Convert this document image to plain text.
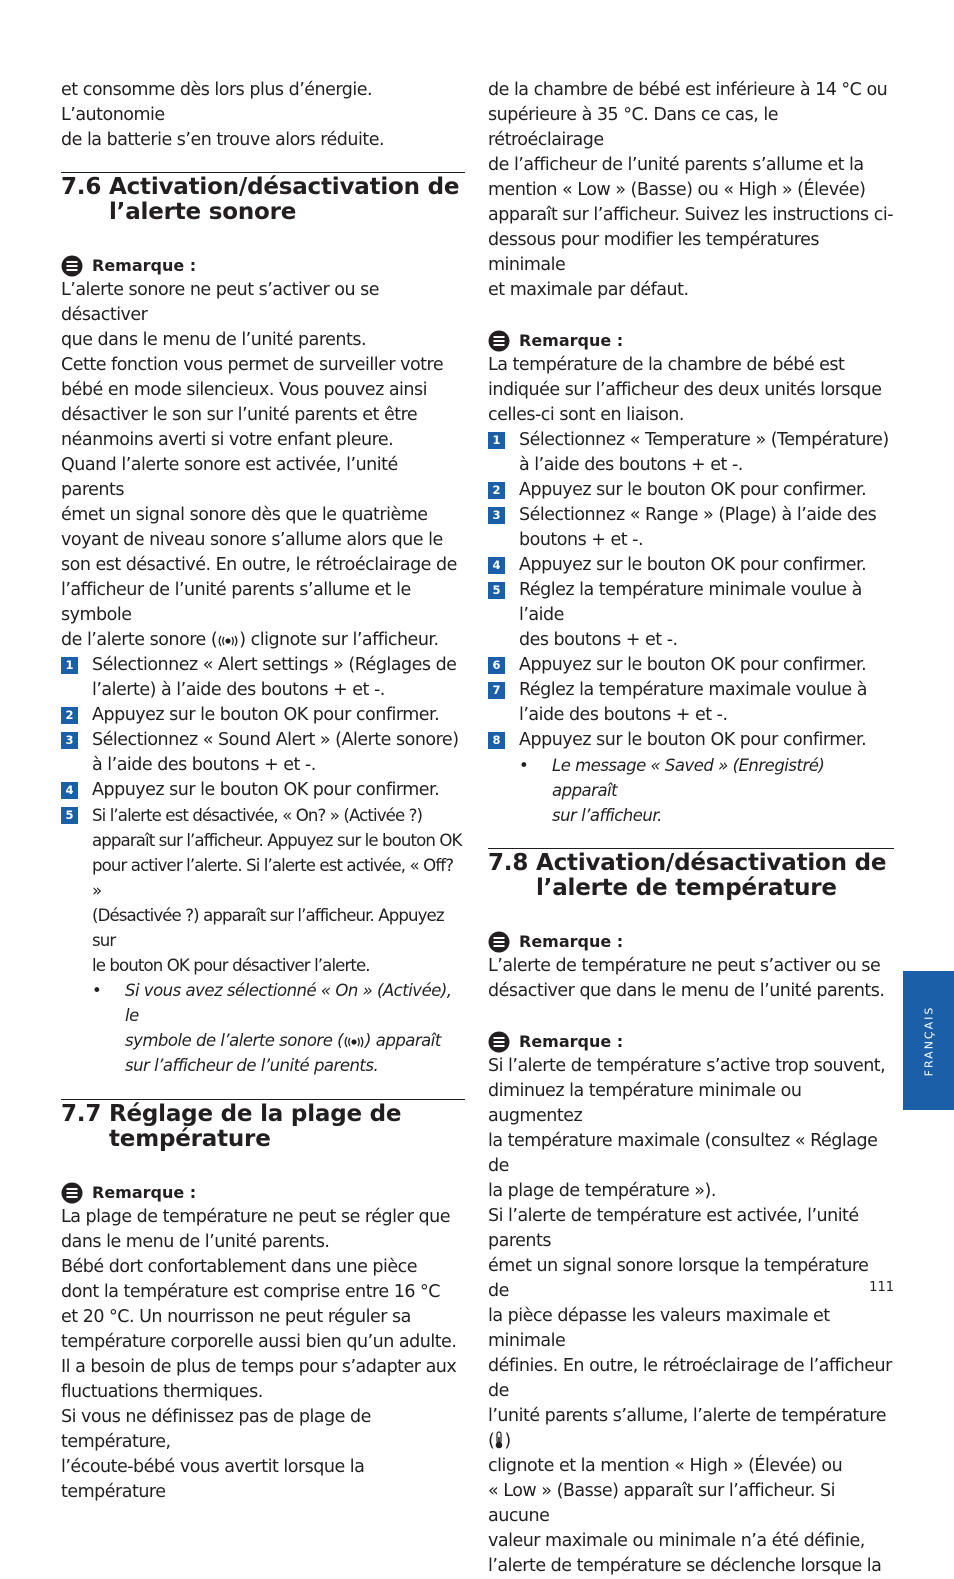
et consomme dès lors plus d’énergie. L’autonomie

de la batterie s’en trouve alors réduite.

7.6 Activation/désactivation de
l’alerte sonore
Remarque :

L’alerte sonore ne peut s’activer ou se désactiver

que dans le menu de l’unité parents.

Cette fonction vous permet de surveiller votre

bébé en mode silencieux. Vous pouvez ainsi

désactiver le son sur l’unité parents et être

néanmoins averti si votre enfant pleure.

Quand l’alerte sonore est activée, l’unité parents

émet un signal sonore dès que le quatrième

voyant de niveau sonore s’allume alors que le

son est désactivé. En outre, le rétroéclairage de

l’afficheur de l’unité parents s’allume et le symbole

de l’alerte sonore ( ) clignote sur l’afficheur.

1 Sélectionnez « Alert settings » (Réglages de
l’alerte) à l’aide des boutons + et -.
2 Appuyez sur le bouton OK pour confirmer.
3 Sélectionnez « Sound Alert » (Alerte sonore)
à l’aide des boutons + et -.
4 Appuyez sur le bouton OK pour confirmer.
5 Si l’alerte est désactivée, « On? » (Activée ?)
apparaît sur l’afficheur. Appuyez sur le bouton OK
pour activer l’alerte. Si l’alerte est activée, « Off? »
(Désactivée ?) apparaît sur l’afficheur. Appuyez sur
le bouton OK pour désactiver l’alerte.
•	Si vous avez sélectionné « On » (Activée), le
symbole de l’alerte sonore ( ) apparaît
sur l’afficheur de l’unité parents.
7.7 Réglage de la plage de
température
Remarque :

La plage de température ne peut se régler que

dans le menu de l’unité parents.

Bébé dort confortablement dans une pièce

dont la température est comprise entre 16 °C

et 20 °C. Un nourrisson ne peut réguler sa

température corporelle aussi bien qu’un adulte.

Il a besoin de plus de temps pour s’adapter aux

fluctuations thermiques.

Si vous ne définissez pas de plage de température,

l’écoute-bébé vous avertit lorsque la température

de la chambre de bébé est inférieure à 14 °C ou

supérieure à 35 °C. Dans ce cas, le rétroéclairage

de l’afficheur de l’unité parents s’allume et la

mention « Low » (Basse) ou « High » (Élevée)

apparaît sur l’afficheur. Suivez les instructions ci-

dessous pour modifier les températures minimale

et maximale par défaut.

Remarque :

La température de la chambre de bébé est

indiquée sur l’afficheur des deux unités lorsque

celles-ci sont en liaison.

1 Sélectionnez « Temperature » (Température)
à l’aide des boutons + et -.
2 Appuyez sur le bouton OK pour confirmer.
3 Sélectionnez « Range » (Plage) à l’aide des
boutons + et -.
4 Appuyez sur le bouton OK pour confirmer.
5 Réglez la température minimale voulue à l’aide
des boutons + et -.
6 Appuyez sur le bouton OK pour confirmer.
7 Réglez la température maximale voulue à
l’aide des boutons + et -.
8 Appuyez sur le bouton OK pour confirmer.
•	Le message « Saved » (Enregistré) apparaît
sur l’afficheur.
7.8 Activation/désactivation de
l’alerte de température
Remarque :

L’alerte de température ne peut s’activer ou se

désactiver que dans le menu de l’unité parents.

Remarque :

Si l’alerte de température s’active trop souvent,

diminuez la température minimale ou augmentez

la température maximale (consultez « Réglage de

la plage de température »).

Si l’alerte de température est activée, l’unité parents

émet un signal sonore lorsque la température de

la pièce dépasse les valeurs maximale et minimale

définies. En outre, le rétroéclairage de l’afficheur de

l’unité parents s’allume, l’alerte de température ( )

clignote et la mention « High » (Élevée) ou

« Low » (Basse) apparaît sur l’afficheur. Si aucune

valeur maximale ou minimale n’a été définie,

l’alerte de température se déclenche lorsque la

FRANÇAIS
111
